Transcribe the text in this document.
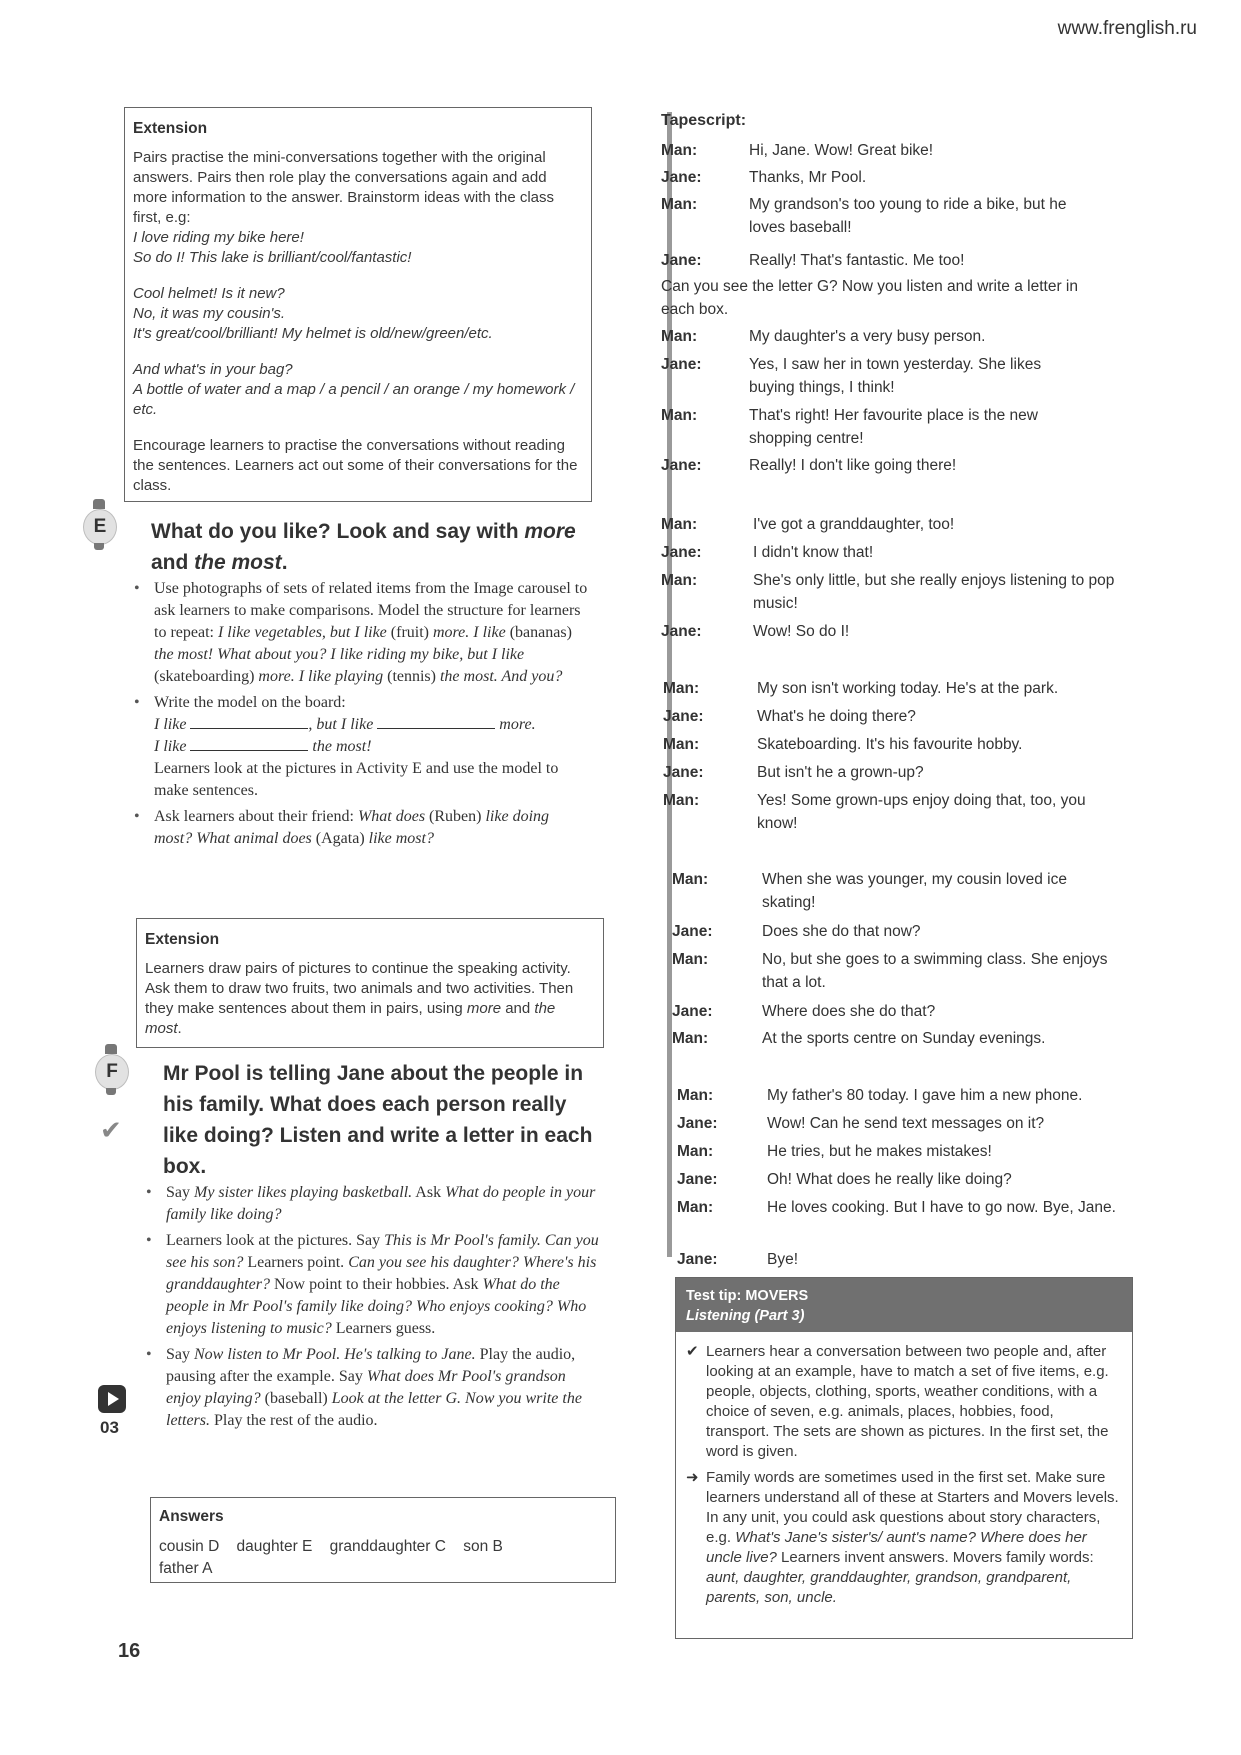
www.frenglish.ru
16
Extension

Pairs practise the mini-conversations together with the original answers. Pairs then role play the conversations again and add more information to the answer. Brainstorm ideas with the class first, e.g:

I love riding my bike here!

So do I! This lake is brilliant/cool/fantastic!

Cool helmet! Is it new?

No, it was my cousin's.

It's great/cool/brilliant! My helmet is old/new/green/etc.

And what's in your bag?

A bottle of water and a map / a pencil / an orange / my homework / etc.

Encourage learners to practise the conversations without reading the sentences. Learners act out some of their conversations for the class.

E	What do you like? Look and say with more and the most.
• Use photographs of sets of related items from the Image carousel to ask learners to make comparisons. Model the structure for learners to repeat: I like vegetables, but I like (fruit) more. I like (bananas) the most! What about you? I like riding my bike, but I like (skateboarding) more. I like playing (tennis) the most. And you?
• Write the model on the board:
I like	, but I like	more.
I like	the most!
Learners look at the pictures in Activity E and use the model to make sentences.
• Ask learners about their friend: What does (Ruben) like doing most? What animal does (Agata) like most?
Extension

Learners draw pairs of pictures to continue the speaking activity. Ask them to draw two fruits, two animals and two activities. Then they make sentences about them in pairs, using more and the most.

F
✔
Mr Pool is telling Jane about the people in his family. What does each person really like doing? Listen and write a letter in each box.
• Say My sister likes playing basketball. Ask What do people in your family like doing?
• Learners look at the pictures. Say This is Mr Pool's family. Can you see his son? Learners point. Can you see his daughter? Where's his granddaughter? Now point to their hobbies. Ask What do the people in Mr Pool's family like doing? Who enjoys cooking? Who enjoys listening to music? Learners guess.
• Say Now listen to Mr Pool. He's talking to Jane. Play the audio, pausing after the example. Say What does Mr Pool's grandson enjoy playing? (baseball) Look at the letter G. Now you write the letters. Play the rest of the audio.
03
Answers
cousin D daughter E granddaughter C son B
father A
Tapescript:
Man:	Hi, Jane. Wow! Great bike!
Jane:	Thanks, Mr Pool.
Man:	My grandson's too young to ride a bike, but he loves baseball!
Jane:	Really! That's fantastic. Me too!
Can you see the letter G? Now you listen and write a letter in each box.
Man:	My daughter's a very busy person.
Jane:	Yes, I saw her in town yesterday. She likes buying things, I think!
Man:	That's right! Her favourite place is the new shopping centre!
Jane:	Really! I don't like going there!
Man:	I've got a granddaughter, too!
Jane:	I didn't know that!
Man:	She's only little, but she really enjoys listening to pop music!
Jane:	Wow! So do I!
Man:	My son isn't working today. He's at the park.
Jane:	What's he doing there?
Man:	Skateboarding. It's his favourite hobby.
Jane:	But isn't he a grown-up?
Man:	Yes! Some grown-ups enjoy doing that, too, you know!
Man:	When she was younger, my cousin loved ice skating!
Jane:	Does she do that now?
Man:	No, but she goes to a swimming class. She enjoys that a lot.
Jane:	Where does she do that?
Man:	At the sports centre on Sunday evenings.
Man:	My father's 80 today. I gave him a new phone.
Jane:	Wow! Can he send text messages on it?
Man:	He tries, but he makes mistakes!
Jane:	Oh! What does he really like doing?
Man:	He loves cooking. But I have to go now. Bye, Jane.
Jane:	Bye!
Test tip: MOVERS
Listening (Part 3)
✔ Learners hear a conversation between two people and, after looking at an example, have to match a set of five items, e.g. people, objects, clothing, sports, weather conditions, with a choice of seven, e.g. animals, places, hobbies, food, transport. The sets are shown as pictures. In the first set, the word is given.
➜ Family words are sometimes used in the first set. Make sure learners understand all of these at Starters and Movers levels. In any unit, you could ask questions about story characters, e.g. What's Jane's sister's/ aunt's name? Where does her uncle live? Learners invent answers. Movers family words: aunt, daughter, granddaughter, grandson, grandparent, parents, son, uncle.
